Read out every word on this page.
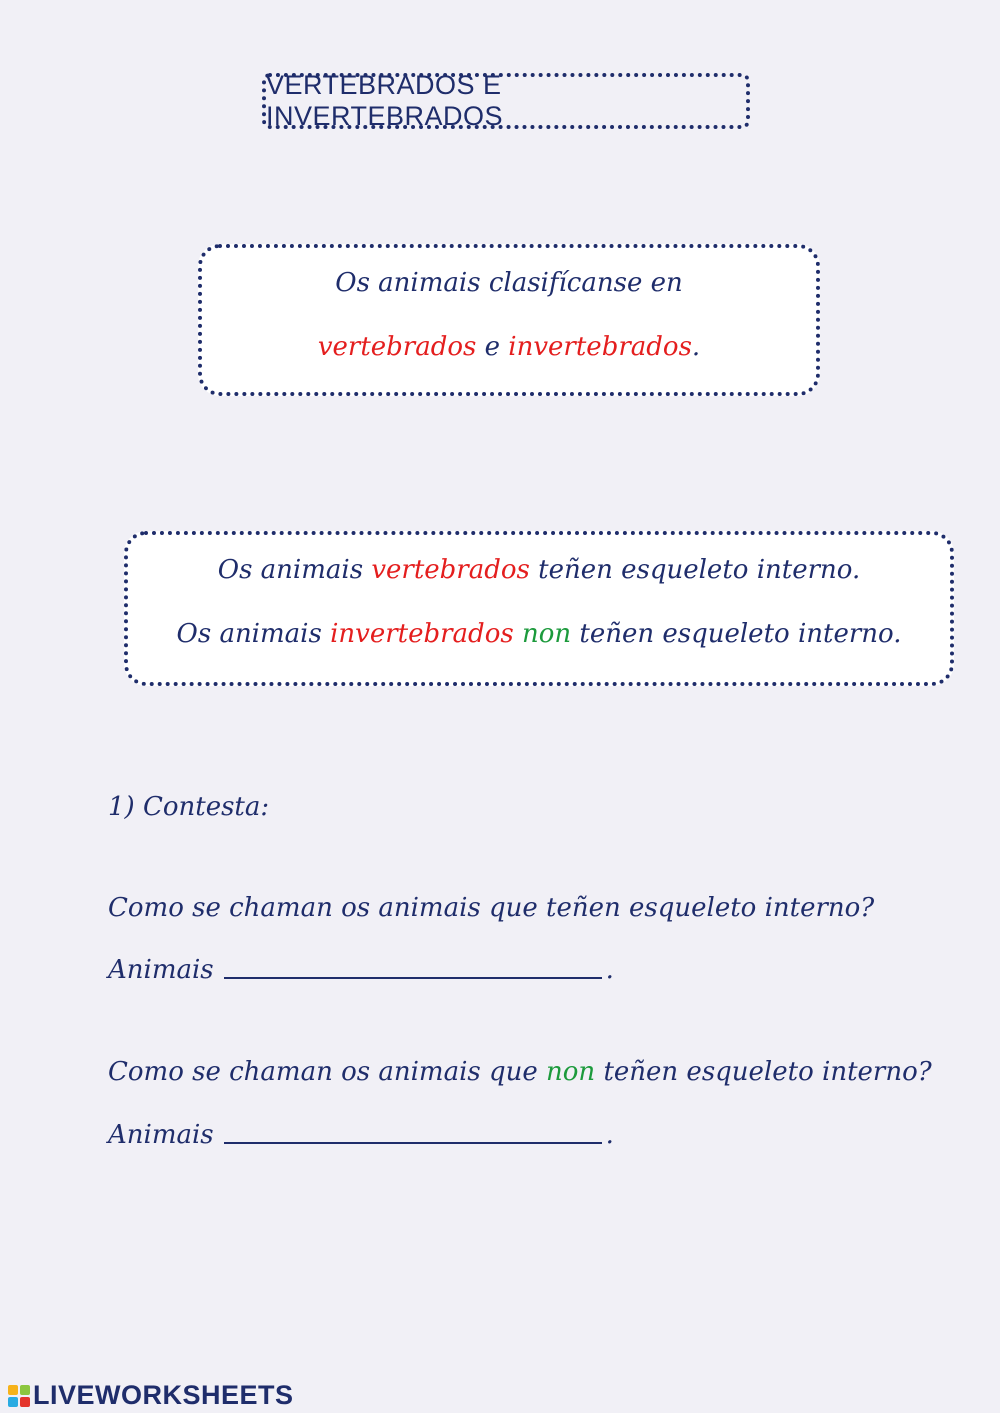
VERTEBRADOS E INVERTEBRADOS
Os animais clasifícanse en
vertebrados e invertebrados.
Os animais vertebrados teñen esqueleto interno.
Os animais invertebrados non teñen esqueleto interno.
1) Contesta:
Como se chaman os animais que teñen esqueleto interno?
Animais	.
Como se chaman os animais que non teñen esqueleto interno?
Animais	.
LIVEWORKSHEETS
